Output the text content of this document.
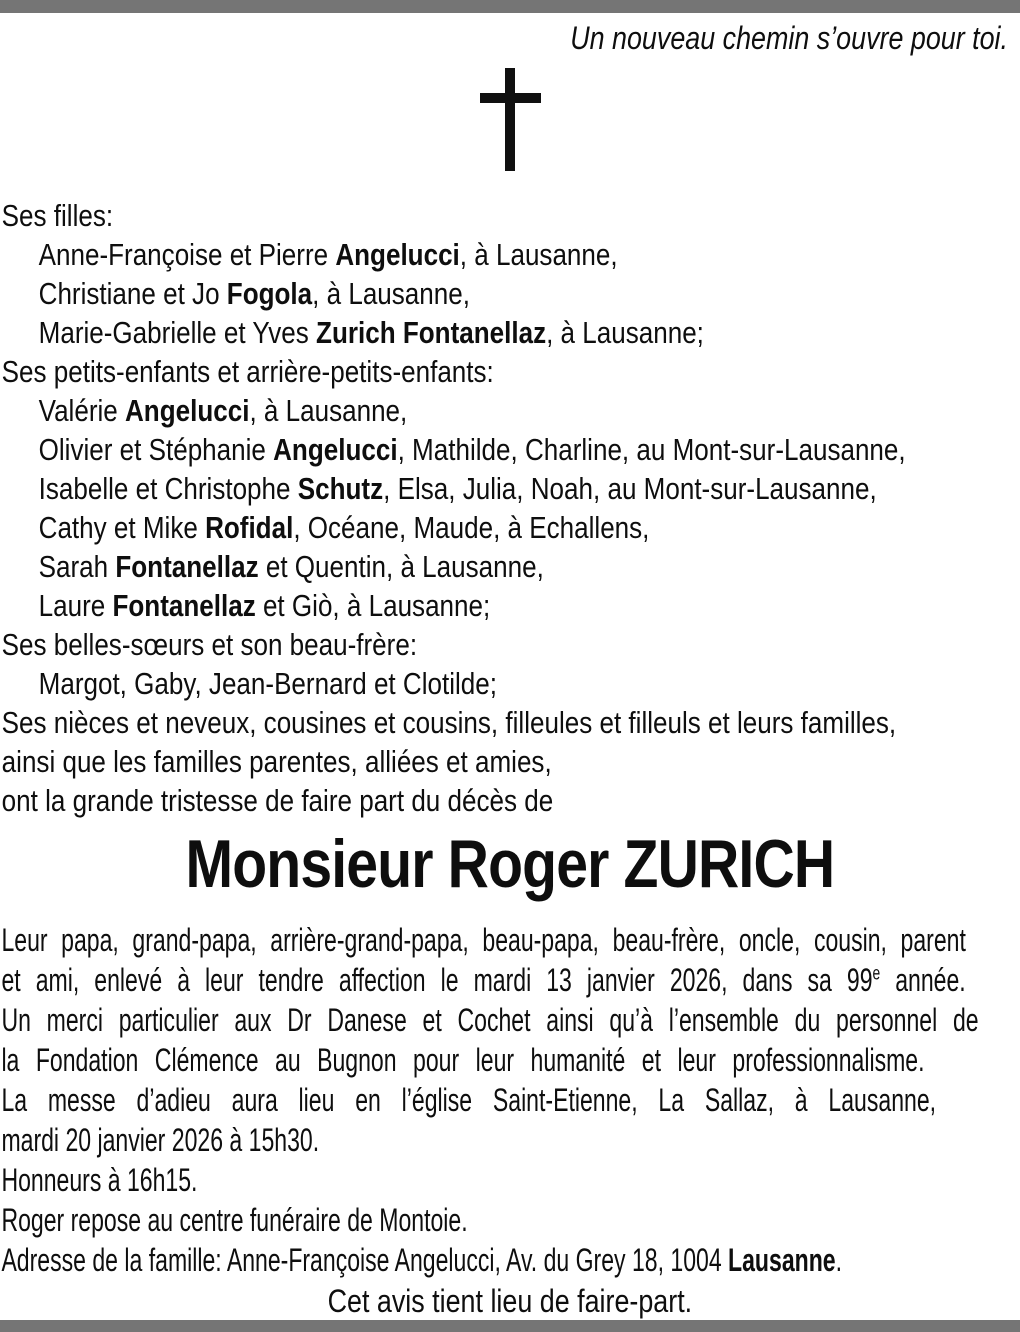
Un nouveau chemin s’ouvre pour toi.
Ses filles:
Anne-Françoise et Pierre Angelucci, à Lausanne,
Christiane et Jo Fogola, à Lausanne,
Marie-Gabrielle et Yves Zurich Fontanellaz, à Lausanne;
Ses petits-enfants et arrière-petits-enfants:
Valérie Angelucci, à Lausanne,
Olivier et Stéphanie Angelucci, Mathilde, Charline, au Mont-sur-Lausanne,
Isabelle et Christophe Schutz, Elsa, Julia, Noah, au Mont-sur-Lausanne,
Cathy et Mike Rofidal, Océane, Maude, à Echallens,
Sarah Fontanellaz et Quentin, à Lausanne,
Laure Fontanellaz et Giò, à Lausanne;
Ses belles-sœurs et son beau-frère:
Margot, Gaby, Jean-Bernard et Clotilde;
Ses nièces et neveux, cousines et cousins, filleules et filleuls et leurs familles,
ainsi que les familles parentes, alliées et amies,
ont la grande tristesse de faire part du décès de
Monsieur Roger ZURICH
Leur papa, grand-papa, arrière-grand-papa, beau-papa, beau-frère, oncle, cousin, parent
et ami, enlevé à leur tendre affection le mardi 13 janvier 2026, dans sa 99e année.
Un merci particulier aux Dr Danese et Cochet ainsi qu’à l’ensemble du personnel de
la Fondation Clémence au Bugnon pour leur humanité et leur professionnalisme.
La messe d’adieu aura lieu en l’église Saint-Etienne, La Sallaz, à Lausanne,
mardi 20 janvier 2026 à 15h30.
Honneurs à 16h15.
Roger repose au centre funéraire de Montoie.
Adresse de la famille: Anne-Françoise Angelucci, Av. du Grey 18, 1004 Lausanne.
Cet avis tient lieu de faire-part.
